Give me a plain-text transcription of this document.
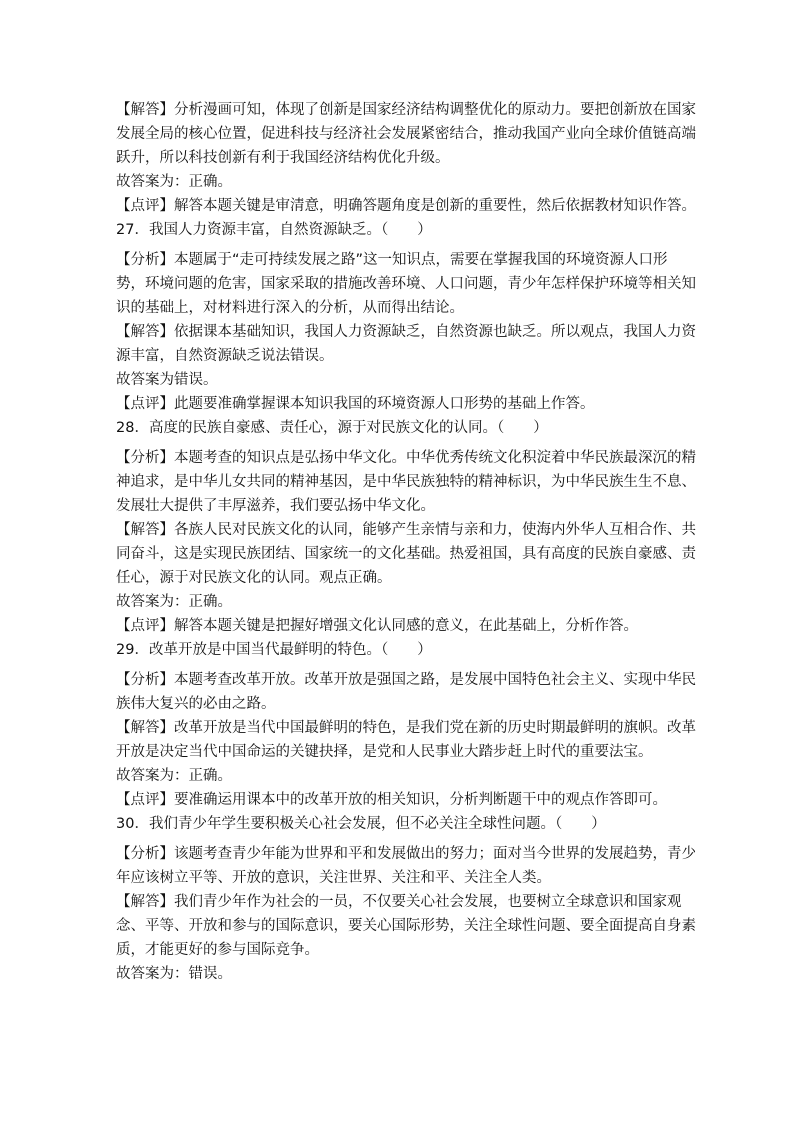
【解答】分析漫画可知，体现了创新是国家经济结构调整优化的原动力。要把创新放在国家发展全局的核心位置，促进科技与经济社会发展紧密结合，推动我国产业向全球价值链高端跃升，所以科技创新有利于我国经济结构优化升级。

故答案为：正确。

【点评】解答本题关键是审清意，明确答题角度是创新的重要性，然后依据教材知识作答。

27．我国人力资源丰富，自然资源缺乏。（　　）

【分析】本题属于“走可持续发展之路”这一知识点，需要在掌握我国的环境资源人口形势，环境问题的危害，国家采取的措施改善环境、人口问题，青少年怎样保护环境等相关知识的基础上，对材料进行深入的分析，从而得出结论。

【解答】依据课本基础知识，我国人力资源缺乏，自然资源也缺乏。所以观点，我国人力资源丰富，自然资源缺乏说法错误。

故答案为错误。

【点评】此题要准确掌握课本知识我国的环境资源人口形势的基础上作答。

28．高度的民族自豪感、责任心，源于对民族文化的认同。（　　）

【分析】本题考查的知识点是弘扬中华文化。中华优秀传统文化积淀着中华民族最深沉的精神追求，是中华儿女共同的精神基因，是中华民族独特的精神标识，为中华民族生生不息、发展壮大提供了丰厚滋养，我们要弘扬中华文化。

【解答】各族人民对民族文化的认同，能够产生亲情与亲和力，使海内外华人互相合作、共同奋斗，这是实现民族团结、国家统一的文化基础。热爱祖国，具有高度的民族自豪感、责任心，源于对民族文化的认同。观点正确。

故答案为：正确。

【点评】解答本题关键是把握好增强文化认同感的意义，在此基础上，分析作答。

29．改革开放是中国当代最鲜明的特色。（　　）

【分析】本题考查改革开放。改革开放是强国之路，是发展中国特色社会主义、实现中华民族伟大复兴的必由之路。

【解答】改革开放是当代中国最鲜明的特色，是我们党在新的历史时期最鲜明的旗帜。改革开放是决定当代中国命运的关键抉择，是党和人民事业大踏步赶上时代的重要法宝。

故答案为：正确。

【点评】要准确运用课本中的改革开放的相关知识，分析判断题干中的观点作答即可。

30．我们青少年学生要积极关心社会发展，但不必关注全球性问题。（　　）

【分析】该题考查青少年能为世界和平和发展做出的努力；面对当今世界的发展趋势，青少年应该树立平等、开放的意识，关注世界、关注和平、关注全人类。

【解答】我们青少年作为社会的一员，不仅要关心社会发展，也要树立全球意识和国家观念、平等、开放和参与的国际意识，要关心国际形势，关注全球性问题、要全面提高自身素质，才能更好的参与国际竞争。

故答案为：错误。
